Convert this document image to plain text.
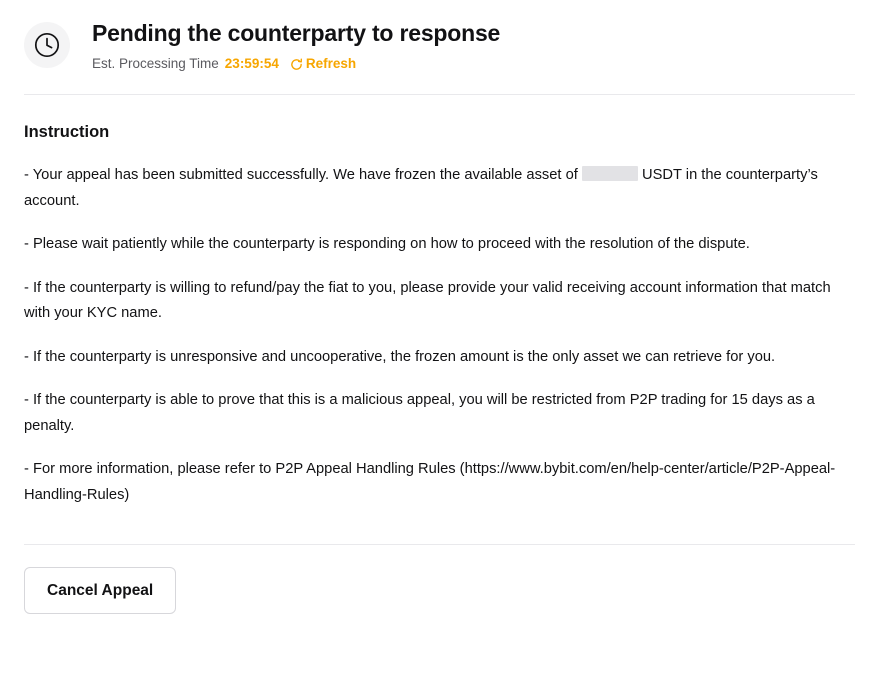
Pending the counterparty to response
Est. Processing Time 23:59:54 Refresh
Instruction

- Your appeal has been submitted successfully. We have frozen the available asset of	USDT in the counterparty’s account.

- Please wait patiently while the counterparty is responding on how to proceed with the resolution of the dispute.

- If the counterparty is willing to refund/pay the fiat to you, please provide your valid receiving account information that match with your KYC name.

- If the counterparty is unresponsive and uncooperative, the frozen amount is the only asset we can retrieve for you.

- If the counterparty is able to prove that this is a malicious appeal, you will be restricted from P2P trading for 15 days as a penalty.

- For more information, please refer to P2P Appeal Handling Rules (https://www.bybit.com/en/help-center/article/P2P-Appeal-Handling-Rules)

Cancel Appeal
